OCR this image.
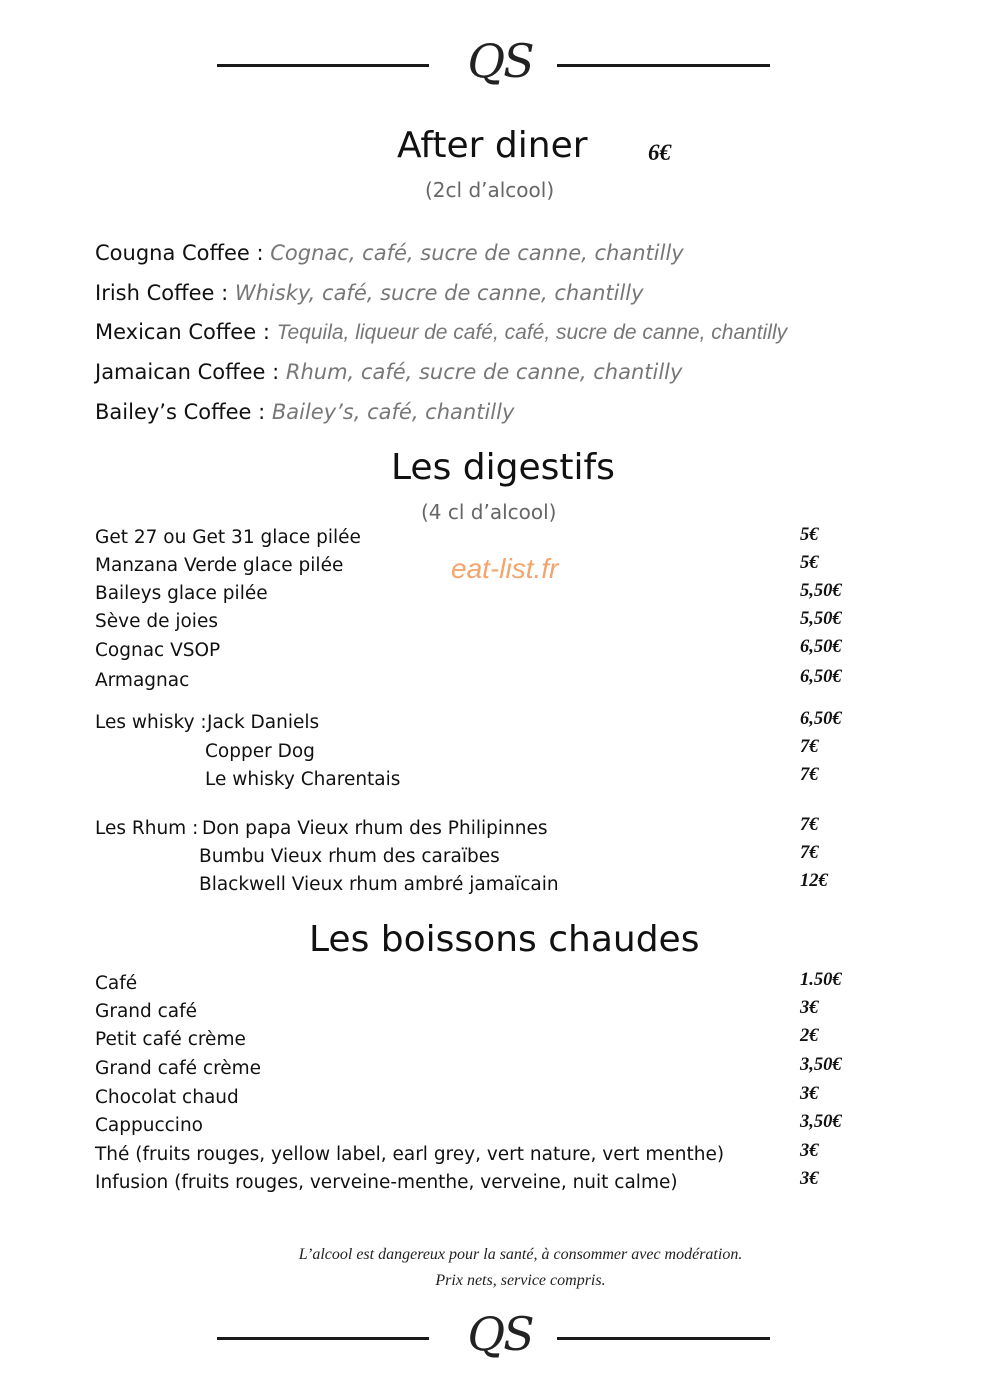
QS
After diner	6€
(2cl d’alcool)
Cougna Coffee : Cognac, café, sucre de canne, chantilly
Irish Coffee : Whisky, café, sucre de canne, chantilly
Mexican Coffee : Tequila, liqueur de café, café, sucre de canne, chantilly
Jamaican Coffee : Rhum, café, sucre de canne, chantilly
Bailey’s Coffee : Bailey’s, café, chantilly
Les digestifs
(4 cl d’alcool)
eat-list.fr
Get 27 ou Get 31 glace pilée	5€
Manzana Verde glace pilée	5€
Baileys glace pilée	5,50€
Sève de joies	5,50€
Cognac VSOP	6,50€
Armagnac	6,50€
Les whisky : Jack Daniels	6,50€
Copper Dog	7€
Le whisky Charentais	7€
Les Rhum : Don papa Vieux rhum des Philipinnes	7€
Bumbu Vieux rhum des caraïbes	7€
Blackwell Vieux rhum ambré jamaïcain	12€
Les boissons chaudes
Café	1.50€
Grand café	3€
Petit café crème	2€
Grand café crème	3,50€
Chocolat chaud	3€
Cappuccino	3,50€
Thé (fruits rouges, yellow label, earl grey, vert nature, vert menthe)	3€
Infusion (fruits rouges, verveine-menthe, verveine, nuit calme)	3€
L’alcool est dangereux pour la santé, à consommer avec modération.
Prix nets, service compris.
QS
